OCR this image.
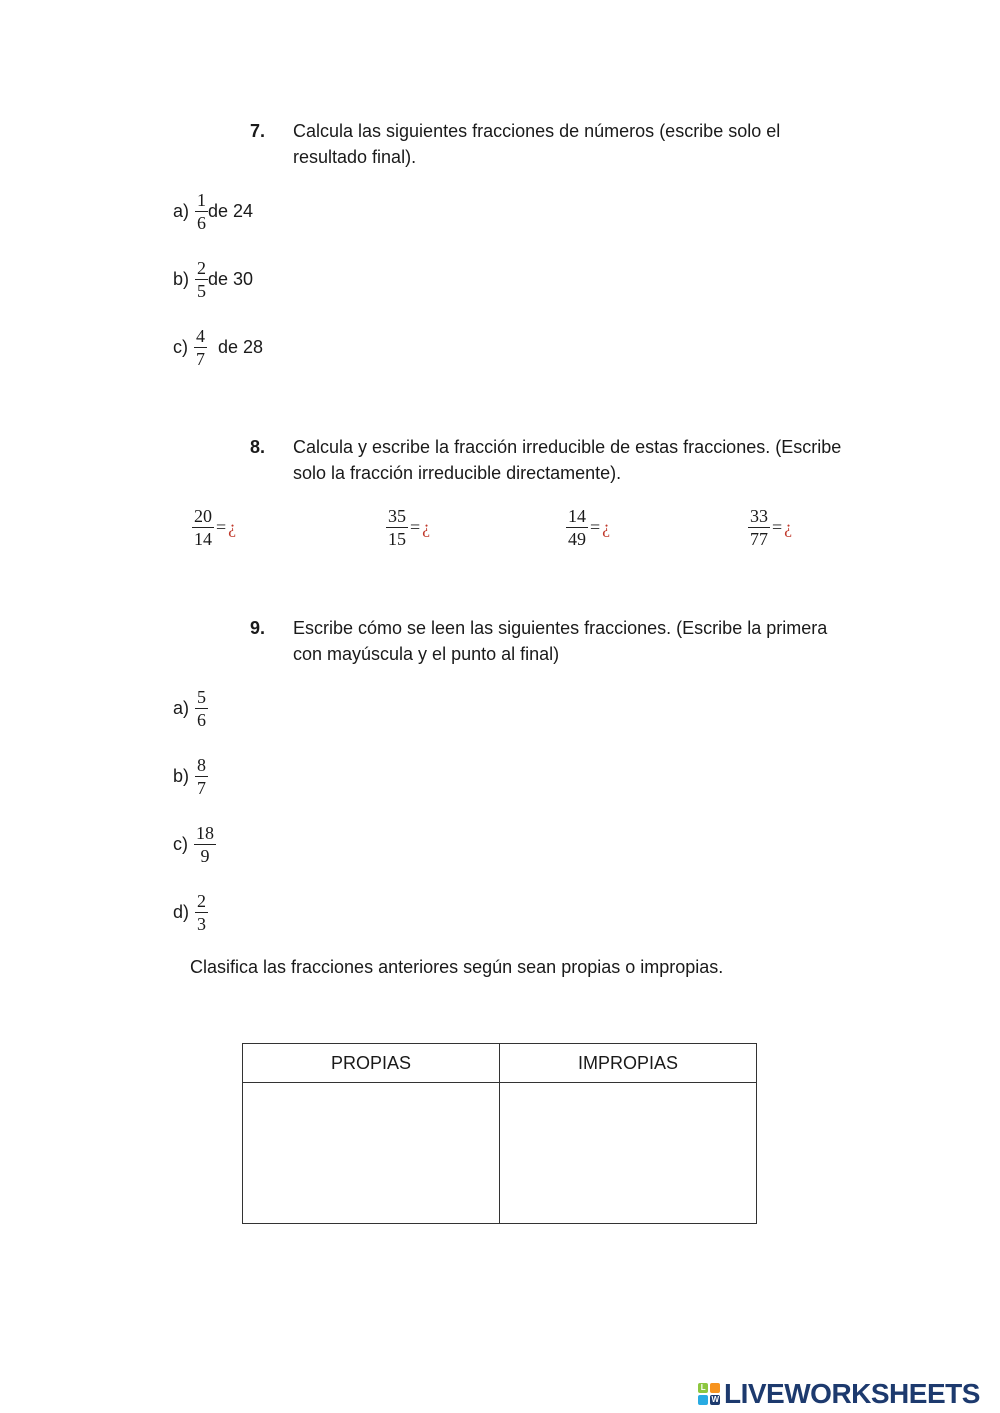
7. Calcula las siguientes fracciones de números (escribe solo el resultado final).
$a) \frac{1}{6}$ de 24
$b) \frac{2}{5}$ de 30
$c) \frac{4}{7}$ de 28
8. Calcula y escribe la fracción irreducible de estas fracciones. (Escribe solo la fracción irreducible directamente).
$\frac{20}{14}$ = ¿	$\frac{35}{15}$ = ¿	$\frac{14}{49}$ = ¿	$\frac{33}{77}$ = ¿
9. Escribe cómo se leen las siguientes fracciones. (Escribe la primera con mayúscula y el punto al final)
$a) \frac{5}{6}$
$b) \frac{8}{7}$
$c) \frac{18}{9}$
$d) \frac{2}{3}$
Clasifica las fracciones anteriores según sean propias o impropias.
PROPIAS	IMPROPIAS

L
W LIVEWORKSHEETS
